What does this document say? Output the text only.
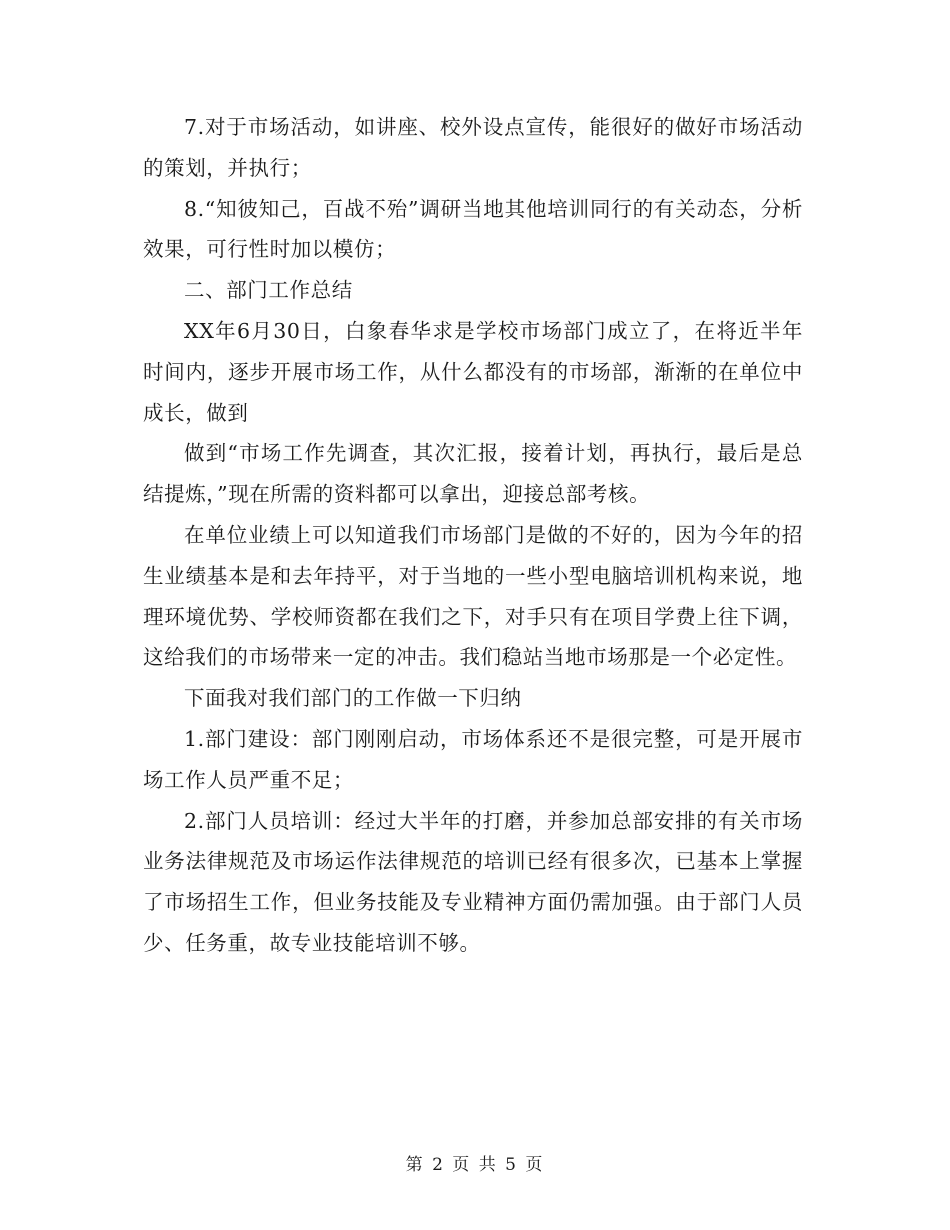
7.对于市场活动，如讲座、校外设点宣传，能很好的做好市场活动的策划，并执行；

8.“知彼知己，百战不殆”调研当地其他培训同行的有关动态，分析效果，可行性时加以模仿；

二、部门工作总结

XX年6月30日，白象春华求是学校市场部门成立了，在将近半年时间内，逐步开展市场工作，从什么都没有的市场部，渐渐的在单位中成长，做到

做到“市场工作先调查，其次汇报，接着计划，再执行，最后是总结提炼，”现在所需的资料都可以拿出，迎接总部考核。

在单位业绩上可以知道我们市场部门是做的不好的，因为今年的招生业绩基本是和去年持平，对于当地的一些小型电脑培训机构来说，地理环境优势、学校师资都在我们之下，对手只有在项目学费上往下调，这给我们的市场带来一定的冲击。我们稳站当地市场那是一个必定性。

下面我对我们部门的工作做一下归纳

1.部门建设：部门刚刚启动，市场体系还不是很完整，可是开展市场工作人员严重不足；

2.部门人员培训：经过大半年的打磨，并参加总部安排的有关市场业务法律规范及市场运作法律规范的培训已经有很多次，已基本上掌握了市场招生工作，但业务技能及专业精神方面仍需加强。由于部门人员少、任务重，故专业技能培训不够。

第 2 页 共 5 页
